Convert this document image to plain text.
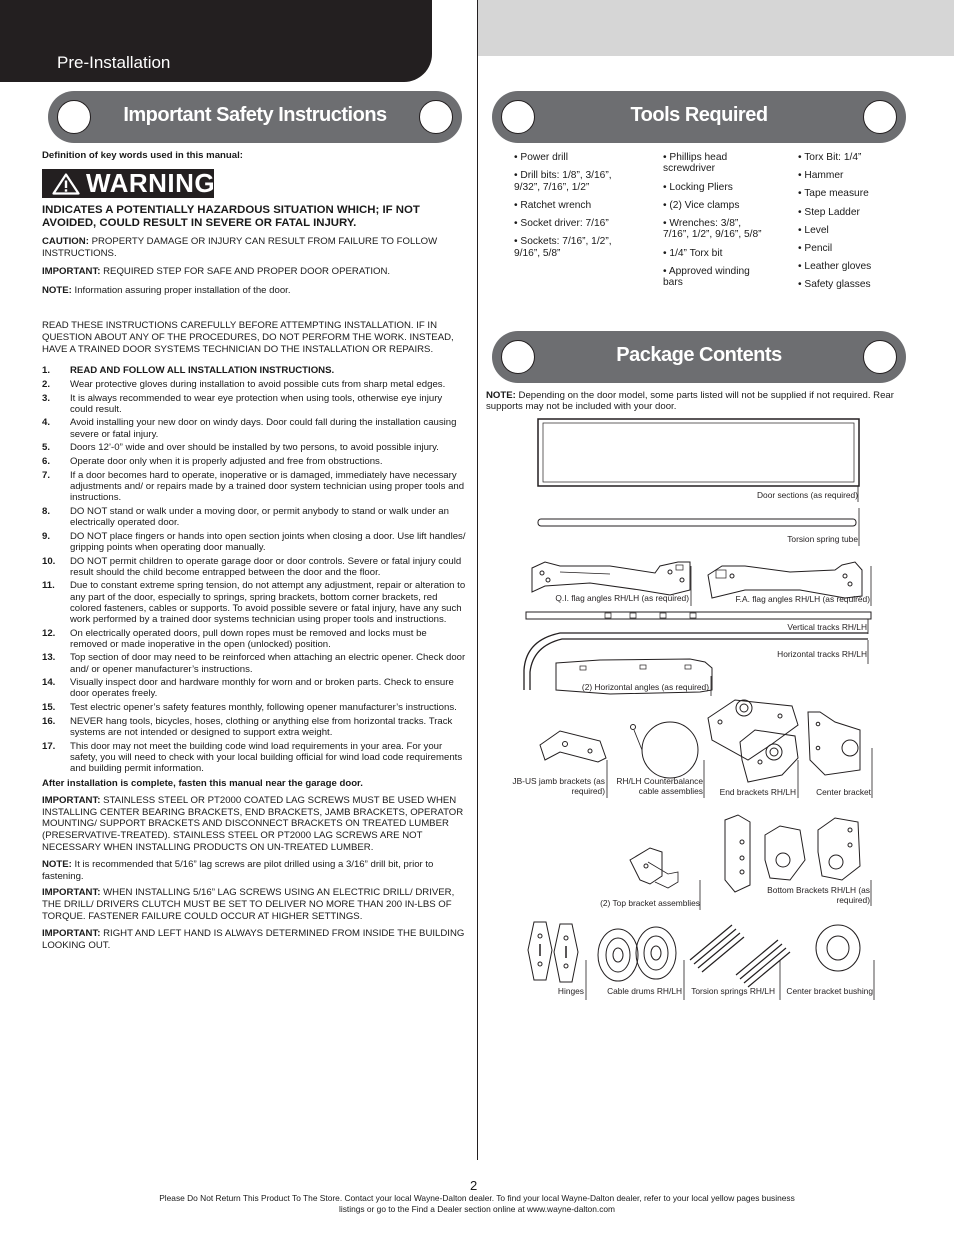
Pre-Installation
Important Safety Instructions	Tools Required
Package Contents
Definition of key words used in this manual:
WARNING
INDICATES A POTENTIALLY HAZARDOUS SITUATION WHICH; IF NOT AVOIDED, COULD RESULT IN SEVERE OR FATAL INJURY.
CAUTION: PROPERTY DAMAGE OR INJURY CAN RESULT FROM FAILURE TO FOLLOW INSTRUCTIONS.
IMPORTANT: REQUIRED STEP FOR SAFE AND PROPER DOOR OPERATION.
NOTE: Information assuring proper installation of the door.
READ THESE INSTRUCTIONS CAREFULLY BEFORE ATTEMPTING INSTALLATION. IF IN QUESTION ABOUT ANY OF THE PROCEDURES, DO NOT PERFORM THE WORK. INSTEAD, HAVE A TRAINED DOOR SYSTEMS TECHNICIAN DO THE INSTALLATION OR REPAIRS.
1. READ AND FOLLOW ALL INSTALLATION INSTRUCTIONS.
2. Wear protective gloves during installation to avoid possible cuts from sharp metal edges.
3. It is always recommended to wear eye protection when using tools, otherwise eye injury could result.
4. Avoid installing your new door on windy days. Door could fall during the installation causing severe or fatal injury.
5. Doors 12’-0” wide and over should be installed by two persons, to avoid possible injury.
6. Operate door only when it is properly adjusted and free from obstructions.
7. If a door becomes hard to operate, inoperative or is damaged, immediately have necessary adjustments and/ or repairs made by a trained door system technician using proper tools and instructions.
8. DO NOT stand or walk under a moving door, or permit anybody to stand or walk under an electrically operated door.
9. DO NOT place fingers or hands into open section joints when closing a door. Use lift handles/ gripping points when operating door manually.
10. DO NOT permit children to operate garage door or door controls. Severe or fatal injury could result should the child become entrapped between the door and the floor.
11. Due to constant extreme spring tension, do not attempt any adjustment, repair or alteration to any part of the door, especially to springs, spring brackets, bottom corner brackets, red colored fasteners, cables or supports. To avoid possible severe or fatal injury, have any such work performed by a trained door systems technician using proper tools and instructions.
12. On electrically operated doors, pull down ropes must be removed and locks must be removed or made inoperative in the open (unlocked) position.
13. Top section of door may need to be reinforced when attaching an electric opener. Check door and/ or opener manufacturer’s instructions.
14. Visually inspect door and hardware monthly for worn and or broken parts. Check to ensure door operates freely.
15. Test electric opener’s safety features monthly, following opener manufacturer’s instructions.
16. NEVER hang tools, bicycles, hoses, clothing or anything else from horizontal tracks. Track systems are not intended or designed to support extra weight.
17. This door may not meet the building code wind load requirements in your area. For your safety, you will need to check with your local building official for wind load code requirements and building permit information.
After installation is complete, fasten this manual near the garage door.
IMPORTANT: STAINLESS STEEL OR PT2000 COATED LAG SCREWS MUST BE USED WHEN INSTALLING CENTER BEARING BRACKETS, END BRACKETS, JAMB BRACKETS, OPERATOR MOUNTING/ SUPPORT BRACKETS AND DISCONNECT BRACKETS ON TREATED LUMBER (PRESERVATIVE-TREATED). STAINLESS STEEL OR PT2000 LAG SCREWS ARE NOT NECESSARY WHEN INSTALLING PRODUCTS ON UN-TREATED LUMBER.
NOTE: It is recommended that 5/16” lag screws are pilot drilled using a 3/16” drill bit, prior to fastening.
IMPORTANT: WHEN INSTALLING 5/16” LAG SCREWS USING AN ELECTRIC DRILL/ DRIVER, THE DRILL/ DRIVERS CLUTCH MUST BE SET TO DELIVER NO MORE THAN 200 IN-LBS OF TORQUE. FASTENER FAILURE COULD OCCUR AT HIGHER SETTINGS.
IMPORTANT: RIGHT AND LEFT HAND IS ALWAYS DETERMINED FROM INSIDE THE BUILDING LOOKING OUT.
• Power drill
• Drill bits: 1/8”, 3/16”, 9/32”, 7/16”, 1/2”
• Ratchet wrench
• Socket driver: 7/16”
• Sockets: 7/16”, 1/2”, 9/16”, 5/8”
• Phillips head screwdriver
• Locking Pliers
• (2) Vice clamps
• Wrenches: 3/8”, 7/16”, 1/2”, 9/16”, 5/8”
• 1/4” Torx bit
• Approved winding bars
• Torx Bit: 1/4”
• Hammer
• Tape measure
• Step Ladder
• Level
• Pencil
• Leather gloves
• Safety glasses
NOTE: Depending on the door model, some parts listed will not be supplied if not required. Rear supports may not be included with your door.
Door sections (as required)
Torsion spring tube
Q.I. flag angles RH/LH (as required)	F.A. flag angles RH/LH (as required)
Vertical tracks RH/LH
Horizontal tracks RH/LH
(2) Horizontal angles (as required)
JB-US jamb brackets (as required)
RH/LH Counterbalance cable assemblies End brackets RH/LH Center bracket
(2) Top bracket assemblies
Bottom Brackets RH/LH (as required)
Hinges	Cable drums RH/LH Torsion springs RH/LH Center bracket bushing
2
Please Do Not Return This Product To The Store. Contact your local Wayne-Dalton dealer. To find your local Wayne-Dalton dealer, refer to your local yellow pages business listings or go to the Find a Dealer section online at www.wayne-dalton.com
